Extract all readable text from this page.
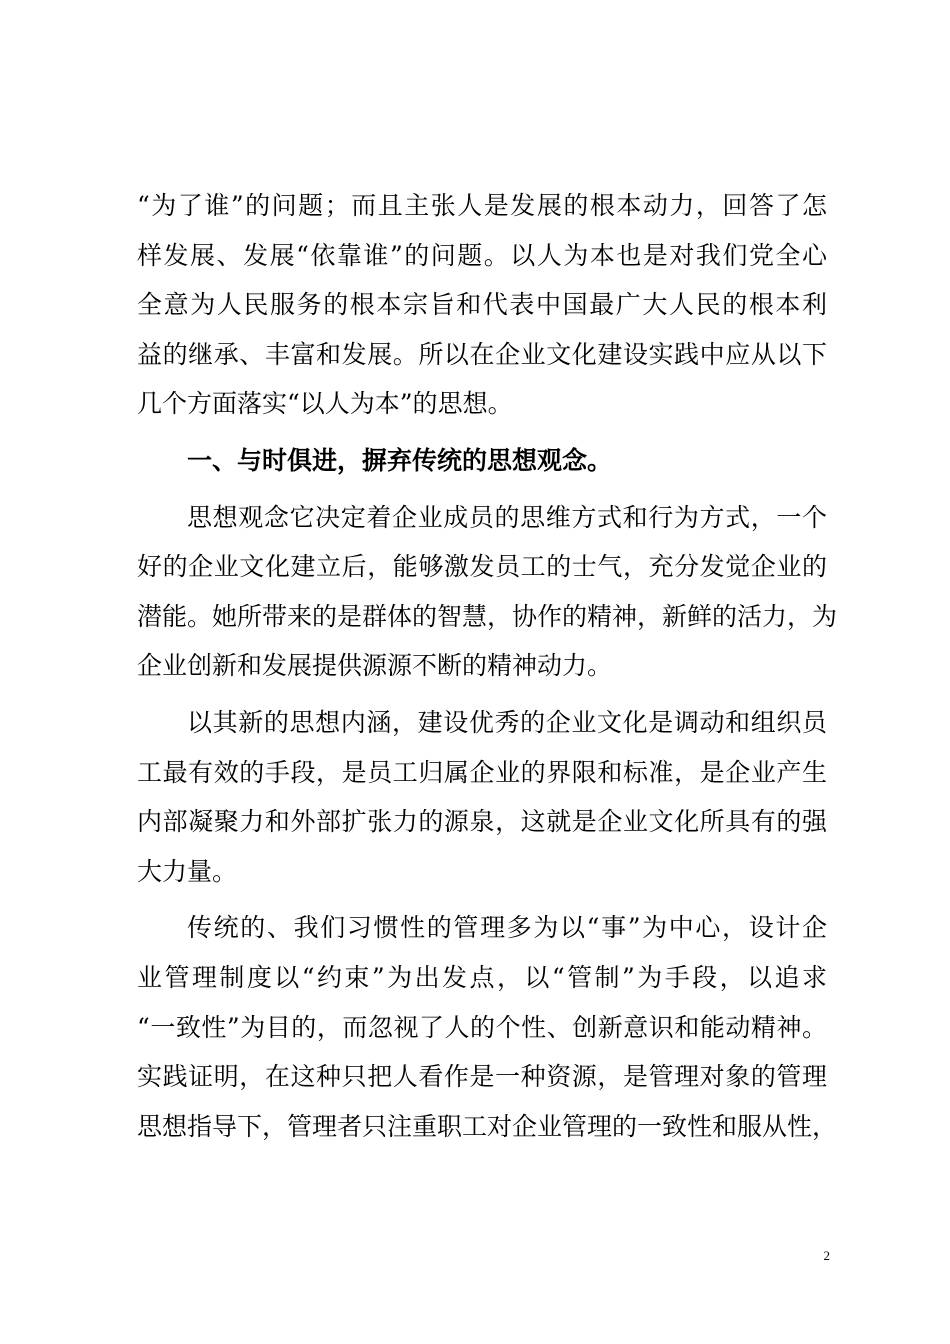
“为了谁”的问题；而且主张人是发展的根本动力，回答了怎
样发展、发展“依靠谁”的问题。以人为本也是对我们党全心
全意为人民服务的根本宗旨和代表中国最广大人民的根本利
益的继承、丰富和发展。所以在企业文化建设实践中应从以下
几个方面落实“以人为本”的思想。
一、与时俱进，摒弃传统的思想观念。
思想观念它决定着企业成员的思维方式和行为方式，一个
好的企业文化建立后，能够激发员工的士气，充分发觉企业的
潜能。她所带来的是群体的智慧，协作的精神，新鲜的活力，为
企业创新和发展提供源源不断的精神动力。
以其新的思想内涵，建设优秀的企业文化是调动和组织员
工最有效的手段，是员工归属企业的界限和标准，是企业产生
内部凝聚力和外部扩张力的源泉，这就是企业文化所具有的强
大力量。
传统的、我们习惯性的管理多为以“事”为中心，设计企
业管理制度以“约束”为出发点，以“管制”为手段，以追求
“一致性”为目的，而忽视了人的个性、创新意识和能动精神。
实践证明，在这种只把人看作是一种资源，是管理对象的管理
思想指导下，管理者只注重职工对企业管理的一致性和服从性，
2
